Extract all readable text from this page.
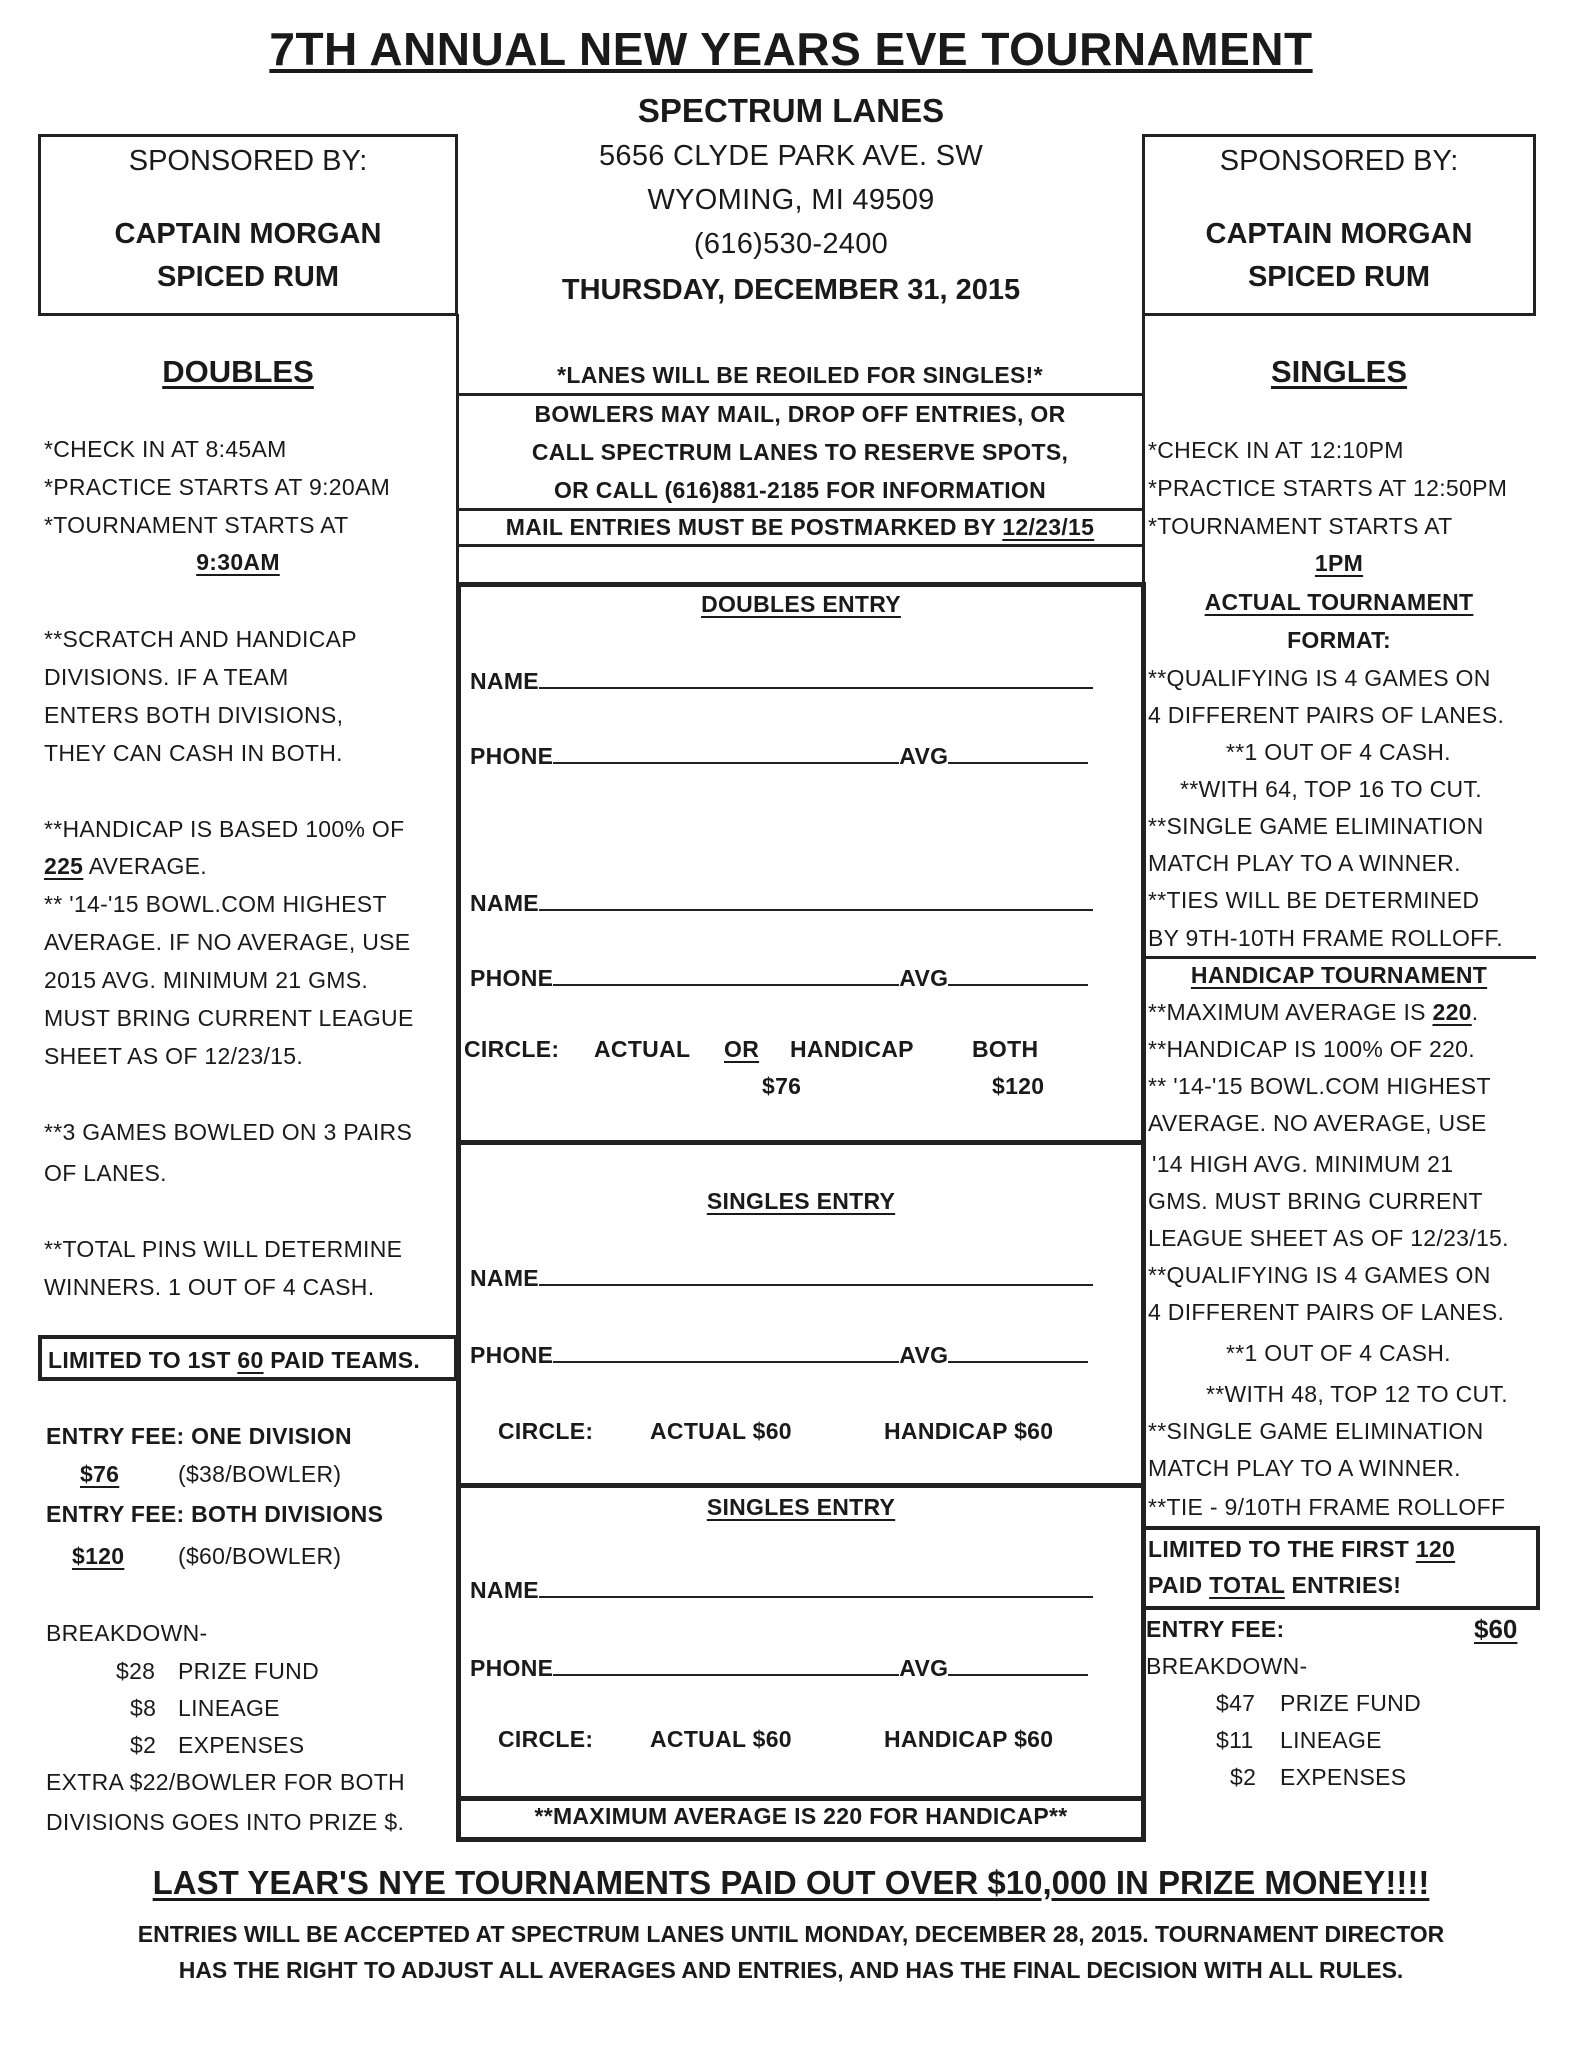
7TH ANNUAL NEW YEARS EVE TOURNAMENT
SPECTRUM LANES
5656 CLYDE PARK AVE. SW
WYOMING, MI 49509
(616)530-2400
THURSDAY, DECEMBER 31, 2015
SPONSORED BY:
CAPTAIN MORGAN
SPICED RUM
SPONSORED BY:
CAPTAIN MORGAN
SPICED RUM
*LANES WILL BE REOILED FOR SINGLES!*
BOWLERS MAY MAIL, DROP OFF ENTRIES, OR
CALL SPECTRUM LANES TO RESERVE SPOTS,
OR CALL (616)881-2185 FOR INFORMATION
MAIL ENTRIES MUST BE POSTMARKED BY 12/23/15
DOUBLES
*CHECK IN AT 8:45AM
*PRACTICE STARTS AT 9:20AM
*TOURNAMENT STARTS AT
9:30AM
**SCRATCH AND HANDICAP
DIVISIONS. IF A TEAM
ENTERS BOTH DIVISIONS,
THEY CAN CASH IN BOTH.
**HANDICAP IS BASED 100% OF
225 AVERAGE.
** '14-'15 BOWL.COM HIGHEST
AVERAGE. IF NO AVERAGE, USE
2015 AVG. MINIMUM 21 GMS.
MUST BRING CURRENT LEAGUE
SHEET AS OF 12/23/15.
**3 GAMES BOWLED ON 3 PAIRS
OF LANES.
**TOTAL PINS WILL DETERMINE
WINNERS. 1 OUT OF 4 CASH.
LIMITED TO 1ST 60 PAID TEAMS.
ENTRY FEE: ONE DIVISION
$76	($38/BOWLER)
ENTRY FEE: BOTH DIVISIONS
$120 ($60/BOWLER)
BREAKDOWN-
$28 PRIZE FUND
$8 LINEAGE
$2 EXPENSES
EXTRA $22/BOWLER FOR BOTH
DIVISIONS GOES INTO PRIZE $.
SINGLES
*CHECK IN AT 12:10PM
*PRACTICE STARTS AT 12:50PM
*TOURNAMENT STARTS AT
1PM
ACTUAL TOURNAMENT
FORMAT:
**QUALIFYING IS 4 GAMES ON
4 DIFFERENT PAIRS OF LANES.
**1 OUT OF 4 CASH.
**WITH 64, TOP 16 TO CUT.
**SINGLE GAME ELIMINATION
MATCH PLAY TO A WINNER.
**TIES WILL BE DETERMINED
BY 9TH-10TH FRAME ROLLOFF.
HANDICAP TOURNAMENT
**MAXIMUM AVERAGE IS 220.
**HANDICAP IS 100% OF 220.
** '14-'15 BOWL.COM HIGHEST
AVERAGE. NO AVERAGE, USE
'14 HIGH AVG. MINIMUM 21
GMS. MUST BRING CURRENT
LEAGUE SHEET AS OF 12/23/15.
**QUALIFYING IS 4 GAMES ON
4 DIFFERENT PAIRS OF LANES.
**1 OUT OF 4 CASH.
**WITH 48, TOP 12 TO CUT.
**SINGLE GAME ELIMINATION
MATCH PLAY TO A WINNER.
**TIE - 9/10TH FRAME ROLLOFF
LIMITED TO THE FIRST 120
PAID TOTAL ENTRIES!
ENTRY FEE:	$60
BREAKDOWN-
$47 PRIZE FUND
$11 LINEAGE
$2 EXPENSES
DOUBLES ENTRY
NAME
PHONE	AVG
NAME
PHONE	AVG
CIRCLE: ACTUAL OR HANDICAP	BOTH
$76	$120
SINGLES ENTRY
NAME
PHONE	AVG
CIRCLE: ACTUAL $60	HANDICAP $60
SINGLES ENTRY
NAME
PHONE	AVG
CIRCLE: ACTUAL $60	HANDICAP $60
**MAXIMUM AVERAGE IS 220 FOR HANDICAP**
LAST YEAR'S NYE TOURNAMENTS PAID OUT OVER $10,000 IN PRIZE MONEY!!!!
ENTRIES WILL BE ACCEPTED AT SPECTRUM LANES UNTIL MONDAY, DECEMBER 28, 2015. TOURNAMENT DIRECTOR
HAS THE RIGHT TO ADJUST ALL AVERAGES AND ENTRIES, AND HAS THE FINAL DECISION WITH ALL RULES.
